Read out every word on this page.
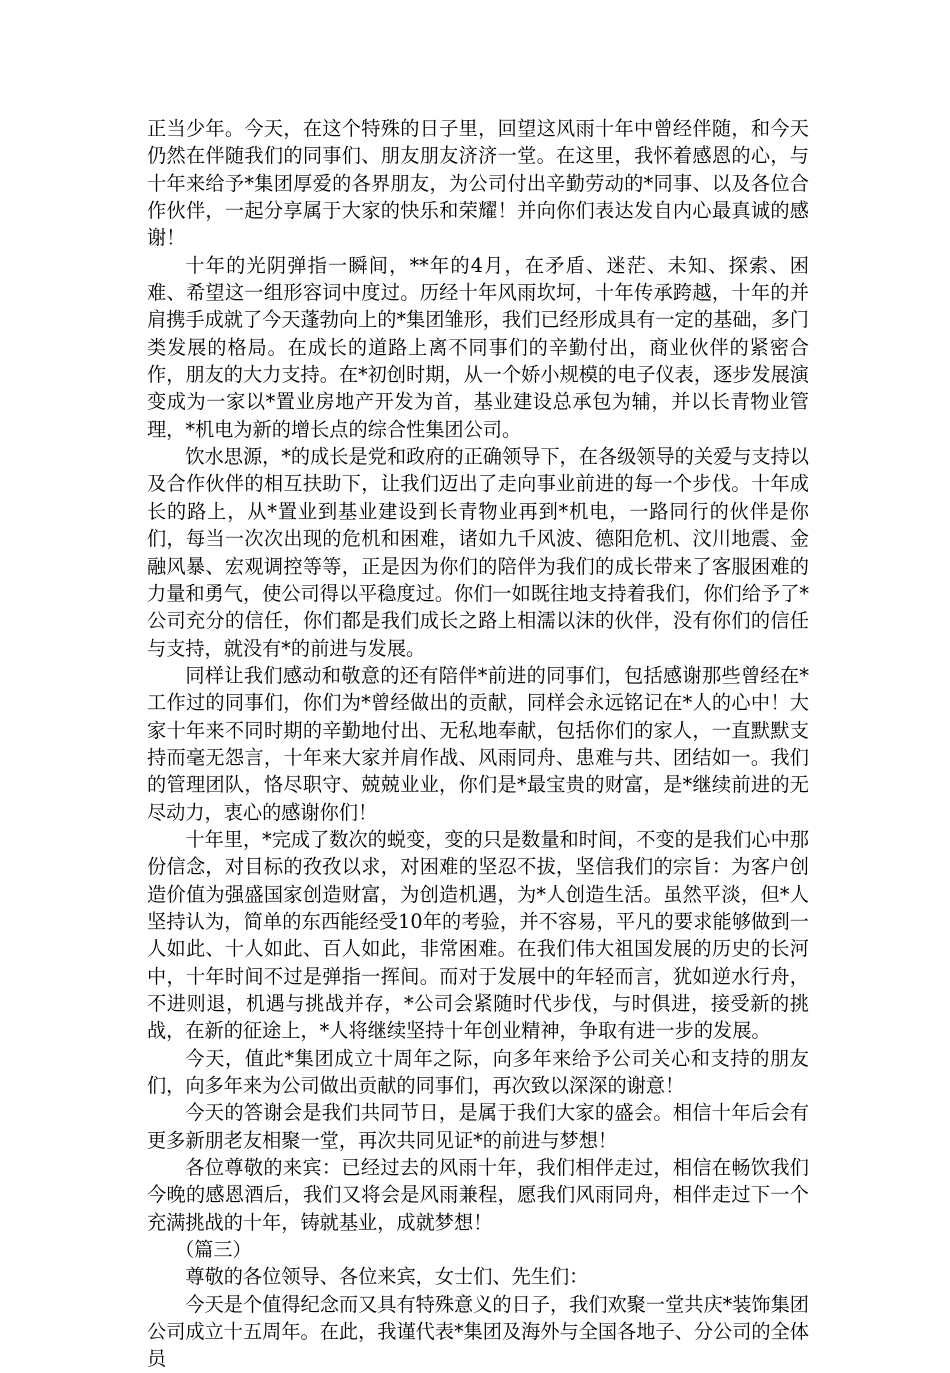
正当少年。今天，在这个特殊的日子里，回望这风雨十年中曾经伴随，和今天仍然在伴随我们的同事们、朋友朋友济济一堂。在这里，我怀着感恩的心，与十年来给予*集团厚爱的各界朋友，为公司付出辛勤劳动的*同事、以及各位合作伙伴，一起分享属于大家的快乐和荣耀！并向你们表达发自内心最真诚的感谢！

十年的光阴弹指一瞬间，**年的4月，在矛盾、迷茫、未知、探索、困难、希望这一组形容词中度过。历经十年风雨坎坷，十年传承跨越，十年的并肩携手成就了今天蓬勃向上的*集团雏形，我们已经形成具有一定的基础，多门类发展的格局。在成长的道路上离不同事们的辛勤付出，商业伙伴的紧密合作，朋友的大力支持。在*初创时期，从一个娇小规模的电子仪表，逐步发展演变成为一家以*置业房地产开发为首，基业建设总承包为辅，并以长青物业管理，*机电为新的增长点的综合性集团公司。

饮水思源，*的成长是党和政府的正确领导下，在各级领导的关爱与支持以及合作伙伴的相互扶助下，让我们迈出了走向事业前进的每一个步伐。十年成长的路上，从*置业到基业建设到长青物业再到*机电，一路同行的伙伴是你们，每当一次次出现的危机和困难，诸如九千风波、德阳危机、汶川地震、金融风暴、宏观调控等等，正是因为你们的陪伴为我们的成长带来了客服困难的力量和勇气，使公司得以平稳度过。你们一如既往地支持着我们，你们给予了*公司充分的信任，你们都是我们成长之路上相濡以沫的伙伴，没有你们的信任与支持，就没有*的前进与发展。

同样让我们感动和敬意的还有陪伴*前进的同事们，包括感谢那些曾经在*工作过的同事们，你们为*曾经做出的贡献，同样会永远铭记在*人的心中！大家十年来不同时期的辛勤地付出、无私地奉献，包括你们的家人，一直默默支持而毫无怨言，十年来大家并肩作战、风雨同舟、患难与共、团结如一。我们的管理团队，恪尽职守、兢兢业业，你们是*最宝贵的财富，是*继续前进的无尽动力，衷心的感谢你们！

十年里，*完成了数次的蜕变，变的只是数量和时间，不变的是我们心中那份信念，对目标的孜孜以求，对困难的坚忍不拔，坚信我们的宗旨：为客户创造价值为强盛国家创造财富，为创造机遇，为*人创造生活。虽然平淡，但*人坚持认为，简单的东西能经受10年的考验，并不容易，平凡的要求能够做到一人如此、十人如此、百人如此，非常困难。在我们伟大祖国发展的历史的长河中，十年时间不过是弹指一挥间。而对于发展中的年轻而言，犹如逆水行舟，不进则退，机遇与挑战并存，*公司会紧随时代步伐，与时俱进，接受新的挑战，在新的征途上，*人将继续坚持十年创业精神，争取有进一步的发展。

今天，值此*集团成立十周年之际，向多年来给予公司关心和支持的朋友们，向多年来为公司做出贡献的同事们，再次致以深深的谢意！

今天的答谢会是我们共同节日，是属于我们大家的盛会。相信十年后会有更多新朋老友相聚一堂，再次共同见证*的前进与梦想！

各位尊敬的来宾：已经过去的风雨十年，我们相伴走过，相信在畅饮我们今晚的感恩酒后，我们又将会是风雨兼程，愿我们风雨同舟，相伴走过下一个充满挑战的十年，铸就基业，成就梦想！

（篇三）

尊敬的各位领导、各位来宾，女士们、先生们：

今天是个值得纪念而又具有特殊意义的日子，我们欢聚一堂共庆*装饰集团公司成立十五周年。在此，我谨代表*集团及海外与全国各地子、分公司的全体员
